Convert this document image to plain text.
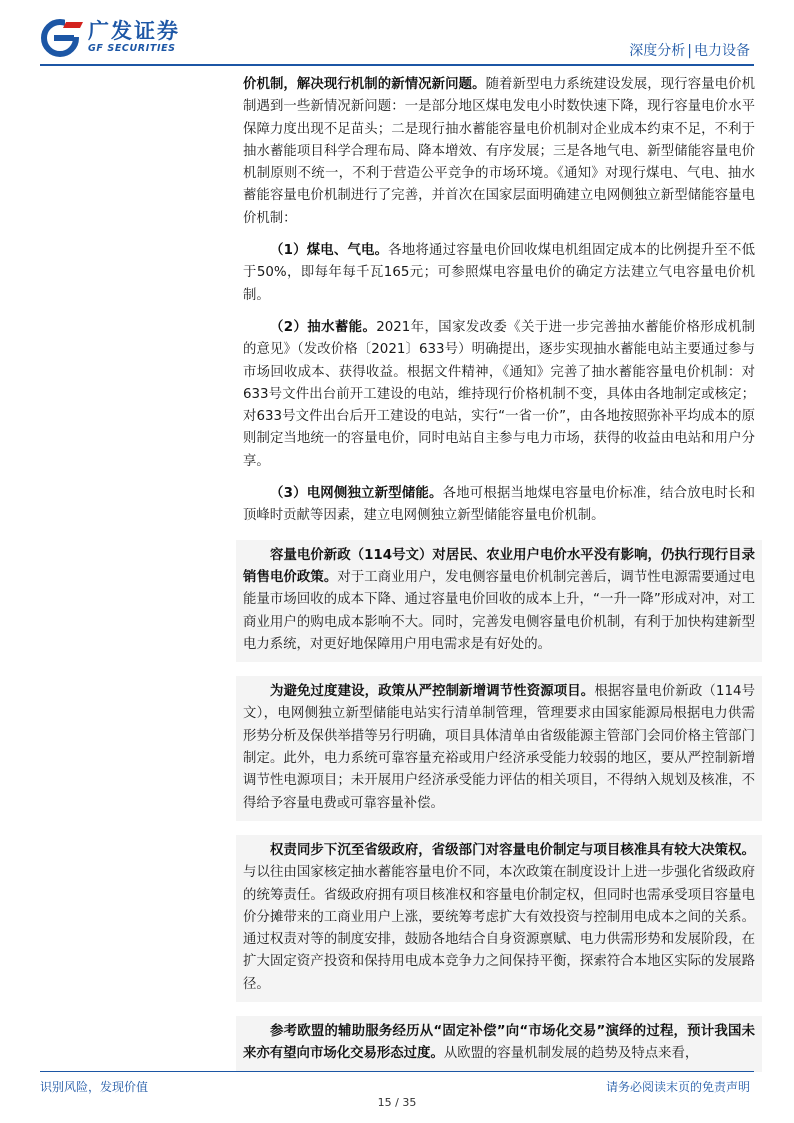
广发证券
GF SECURITIES	深度分析 | 电力设备

价机制，解决现行机制的新情况新问题。随着新型电力系统建设发展，现行容量电价机制遇到一些新情况新问题：一是部分地区煤电发电小时数快速下降，现行容量电价水平保障力度出现不足苗头；二是现行抽水蓄能容量电价机制对企业成本约束不足，不利于抽水蓄能项目科学合理布局、降本增效、有序发展；三是各地气电、新型储能容量电价机制原则不统一，不利于营造公平竞争的市场环境。《通知》对现行煤电、气电、抽水蓄能容量电价机制进行了完善，并首次在国家层面明确建立电网侧独立新型储能容量电价机制：

（1）煤电、气电。各地将通过容量电价回收煤电机组固定成本的比例提升至不低于50%，即每年每千瓦165元；可参照煤电容量电价的确定方法建立气电容量电价机制。

（2）抽水蓄能。2021年，国家发改委《关于进一步完善抽水蓄能价格形成机制的意见》（发改价格〔2021〕633号）明确提出，逐步实现抽水蓄能电站主要通过参与市场回收成本、获得收益。根据文件精神，《通知》完善了抽水蓄能容量电价机制：对633号文件出台前开工建设的电站，维持现行价格机制不变，具体由各地制定或核定；对633号文件出台后开工建设的电站，实行“一省一价”，由各地按照弥补平均成本的原则制定当地统一的容量电价，同时电站自主参与电力市场，获得的收益由电站和用户分享。

（3）电网侧独立新型储能。各地可根据当地煤电容量电价标准，结合放电时长和顶峰时贡献等因素，建立电网侧独立新型储能容量电价机制。

容量电价新政（114号文）对居民、农业用户电价水平没有影响，仍执行现行目录销售电价政策。对于工商业用户，发电侧容量电价机制完善后，调节性电源需要通过电能量市场回收的成本下降、通过容量电价回收的成本上升，“一升一降”形成对冲，对工商业用户的购电成本影响不大。同时，完善发电侧容量电价机制，有利于加快构建新型电力系统，对更好地保障用户用电需求是有好处的。

为避免过度建设，政策从严控制新增调节性资源项目。根据容量电价新政（114号文），电网侧独立新型储能电站实行清单制管理，管理要求由国家能源局根据电力供需形势分析及保供举措等另行明确，项目具体清单由省级能源主管部门会同价格主管部门制定。此外，电力系统可靠容量充裕或用户经济承受能力较弱的地区，要从严控制新增调节性电源项目；未开展用户经济承受能力评估的相关项目，不得纳入规划及核准，不得给予容量电费或可靠容量补偿。

权责同步下沉至省级政府，省级部门对容量电价制定与项目核准具有较大决策权。与以往由国家核定抽水蓄能容量电价不同，本次政策在制度设计上进一步强化省级政府的统筹责任。省级政府拥有项目核准权和容量电价制定权，但同时也需承受项目容量电价分摊带来的工商业用户上涨，要统筹考虑扩大有效投资与控制用电成本之间的关系。通过权责对等的制度安排，鼓励各地结合自身资源禀赋、电力供需形势和发展阶段，在扩大固定资产投资和保持用电成本竞争力之间保持平衡，探索符合本地区实际的发展路径。

参考欧盟的辅助服务经历从“固定补偿”向“市场化交易”演绎的过程，预计我国未来亦有望向市场化交易形态过度。从欧盟的容量机制发展的趋势及特点来看，

识别风险，发现价值	请务必阅读末页的免责声明
15 / 35
